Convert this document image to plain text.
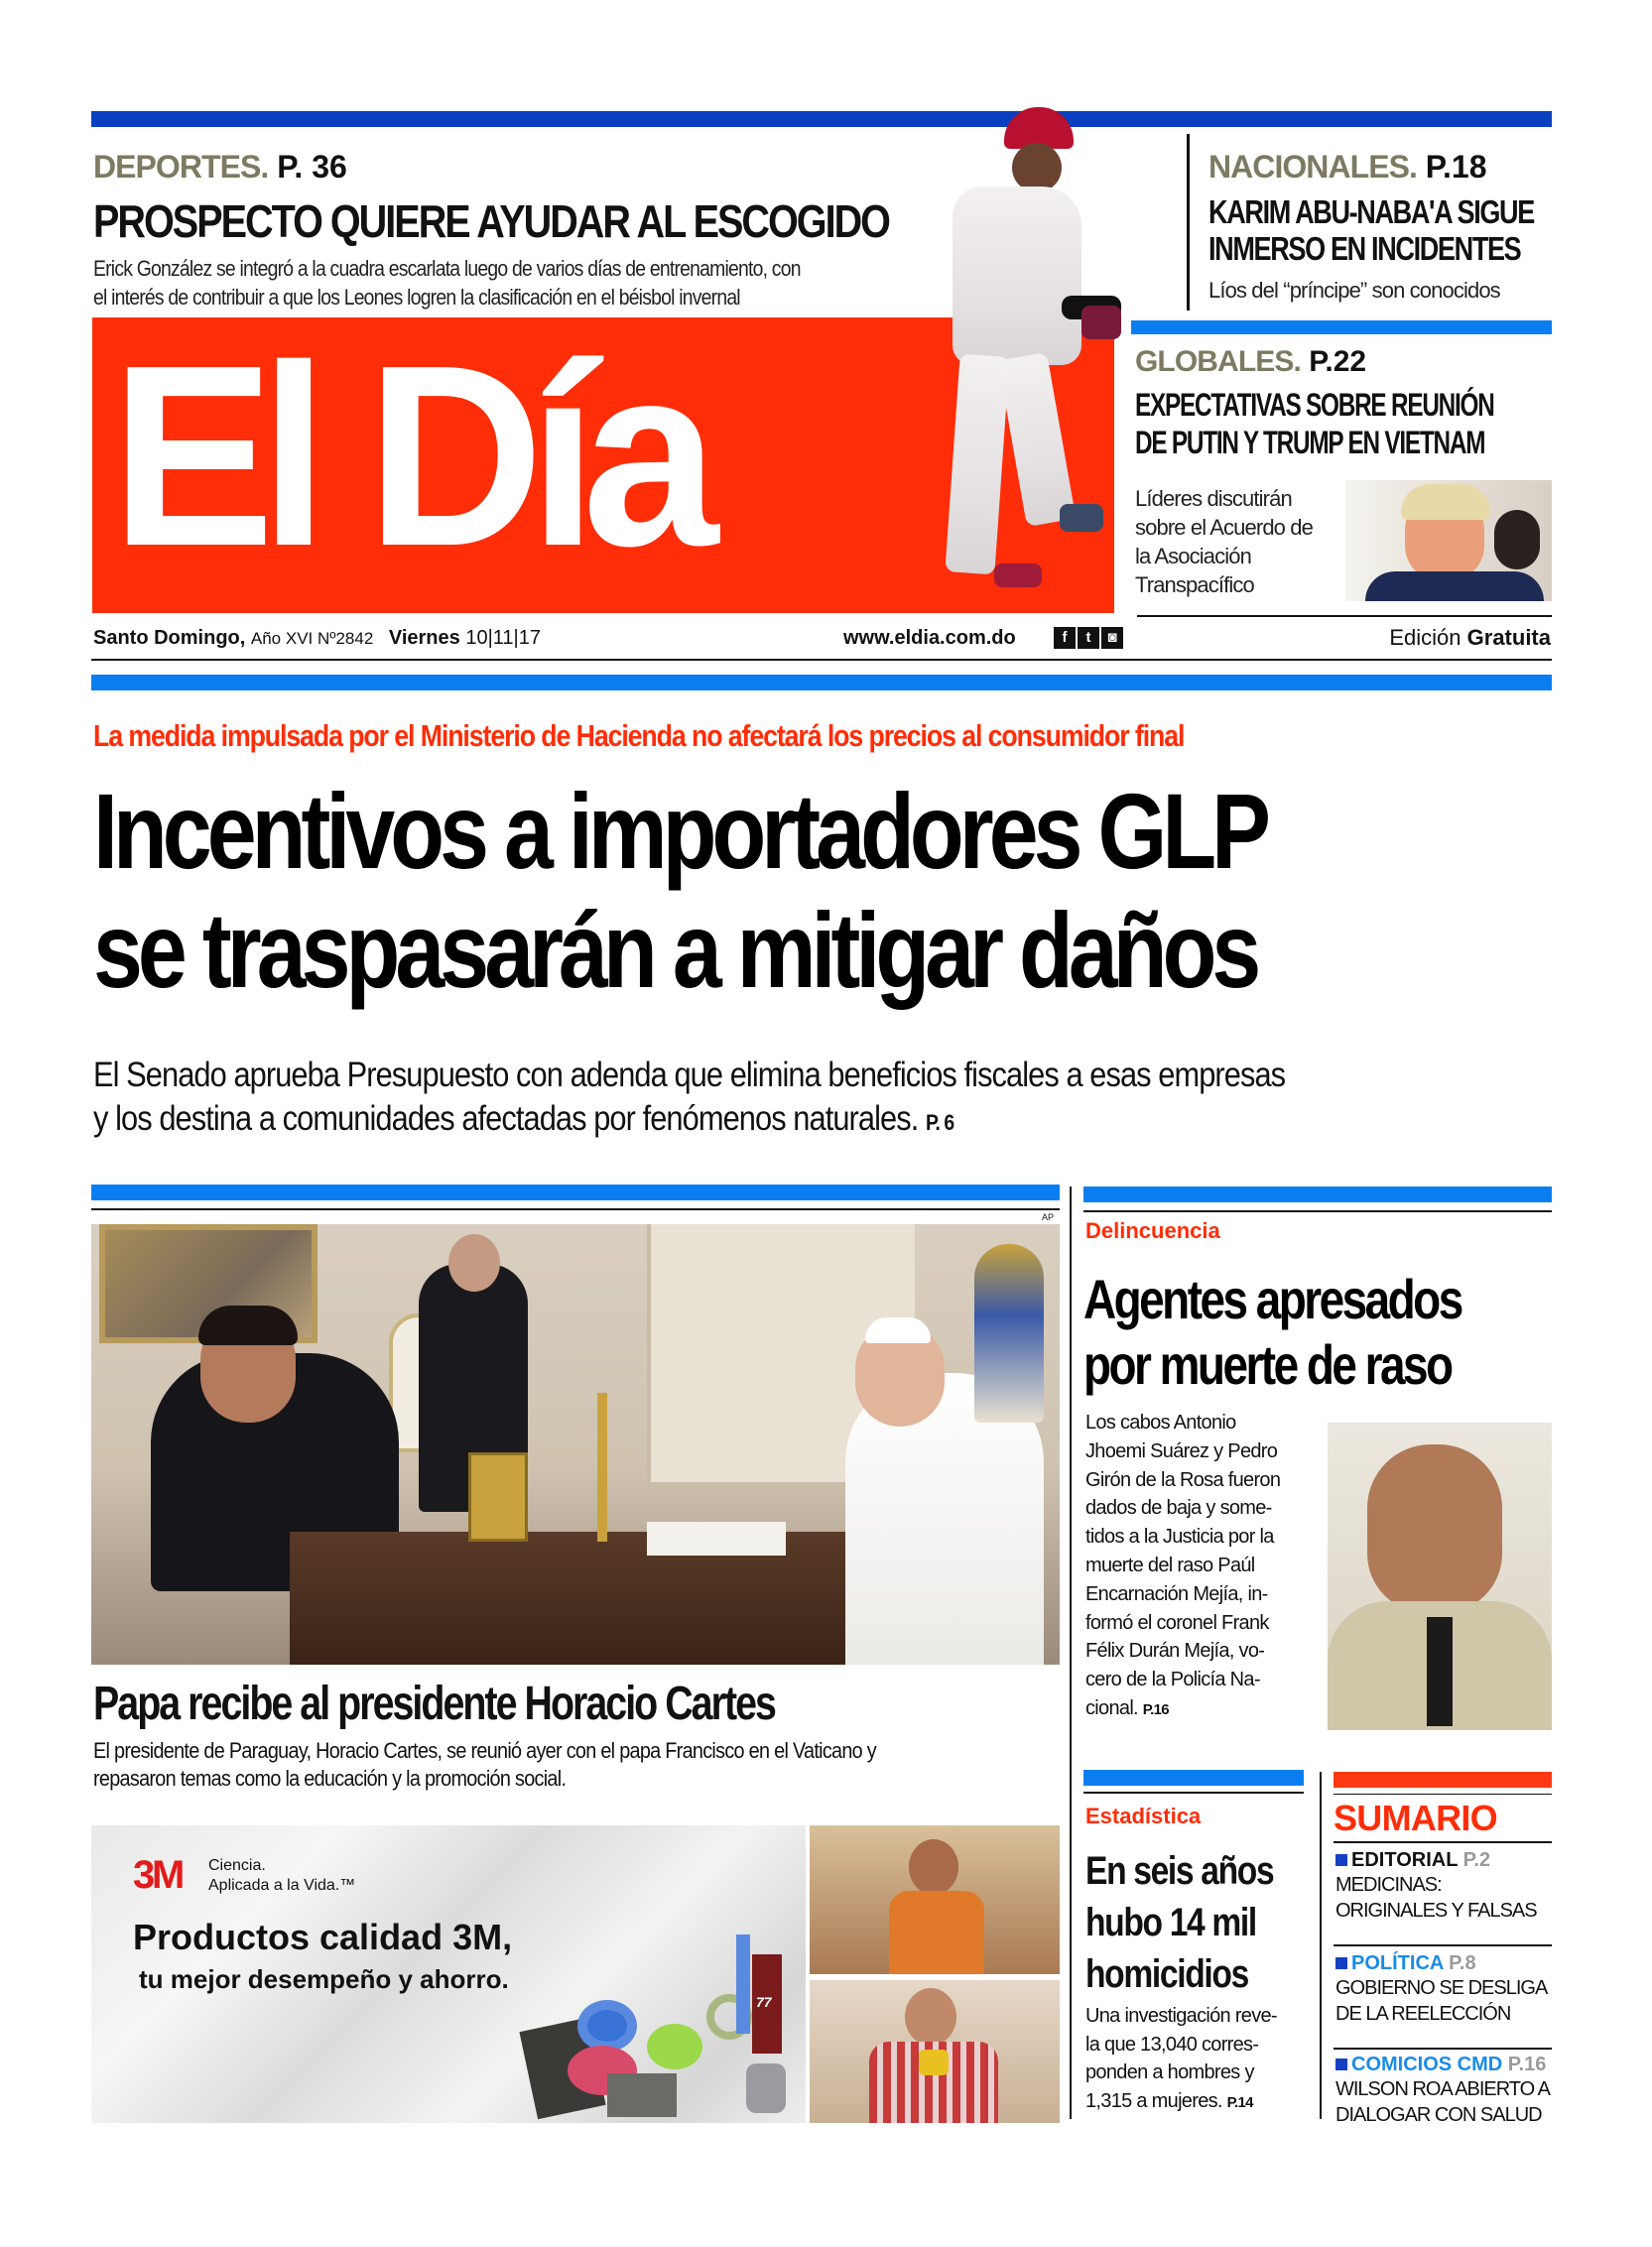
DEPORTES. P. 36
PROSPECTO QUIERE AYUDAR AL ESCOGIDO
Erick González se integró a la cuadra escarlata luego de varios días de entrenamiento, con
el interés de contribuir a que los Leones logren la clasificación en el béisbol invernal
El Día
NACIONALES. P.18
KARIM ABU-NABA'A SIGUE
INMERSO EN INCIDENTES
Líos del “príncipe” son conocidos
GLOBALES. P.22
EXPECTATIVAS SOBRE REUNIÓN
DE PUTIN Y TRUMP EN VIETNAM
Líderes discutirán
sobre el Acuerdo de
la Asociación
Transpacífico
Santo Domingo, Año XVI Nº2842 Viernes 10|11|17	www.eldia.com.do	f t ◙	Edición Gratuita
La medida impulsada por el Ministerio de Hacienda no afectará los precios al consumidor final
Incentivos a importadores GLP
se traspasarán a mitigar daños
El Senado aprueba Presupuesto con adenda que elimina beneficios fiscales a esas empresas
y los destina a comunidades afectadas por fenómenos naturales. P. 6
AP
Papa recibe al presidente Horacio Cartes
El presidente de Paraguay, Horacio Cartes, se reunió ayer con el papa Francisco en el Vaticano y
repasaron temas como la educación y la promoción social.
3M Ciencia.
Aplicada a la Vida.™
Productos calidad 3M,
tu mejor desempeño y ahorro.
77
Delincuencia
Agentes apresados
por muerte de raso
Los cabos Antonio
Jhoemi Suárez y Pedro
Girón de la Rosa fueron
dados de baja y some-
tidos a la Justicia por la
muerte del raso Paúl
Encarnación Mejía, in-
formó el coronel Frank
Félix Durán Mejía, vo-
cero de la Policía Na-
cional. P.16
Estadística
En seis años
hubo 14 mil
homicidios
Una investigación reve-
la que 13,040 corres-
ponden a hombres y
1,315 a mujeres. P.14
SUMARIO
EDITORIAL P.2
MEDICINAS:
ORIGINALES Y FALSAS
POLÍTICA P.8
GOBIERNO SE DESLIGA
DE LA REELECCIÓN
COMICIOS CMD P.16
WILSON ROA ABIERTO A
DIALOGAR CON SALUD
